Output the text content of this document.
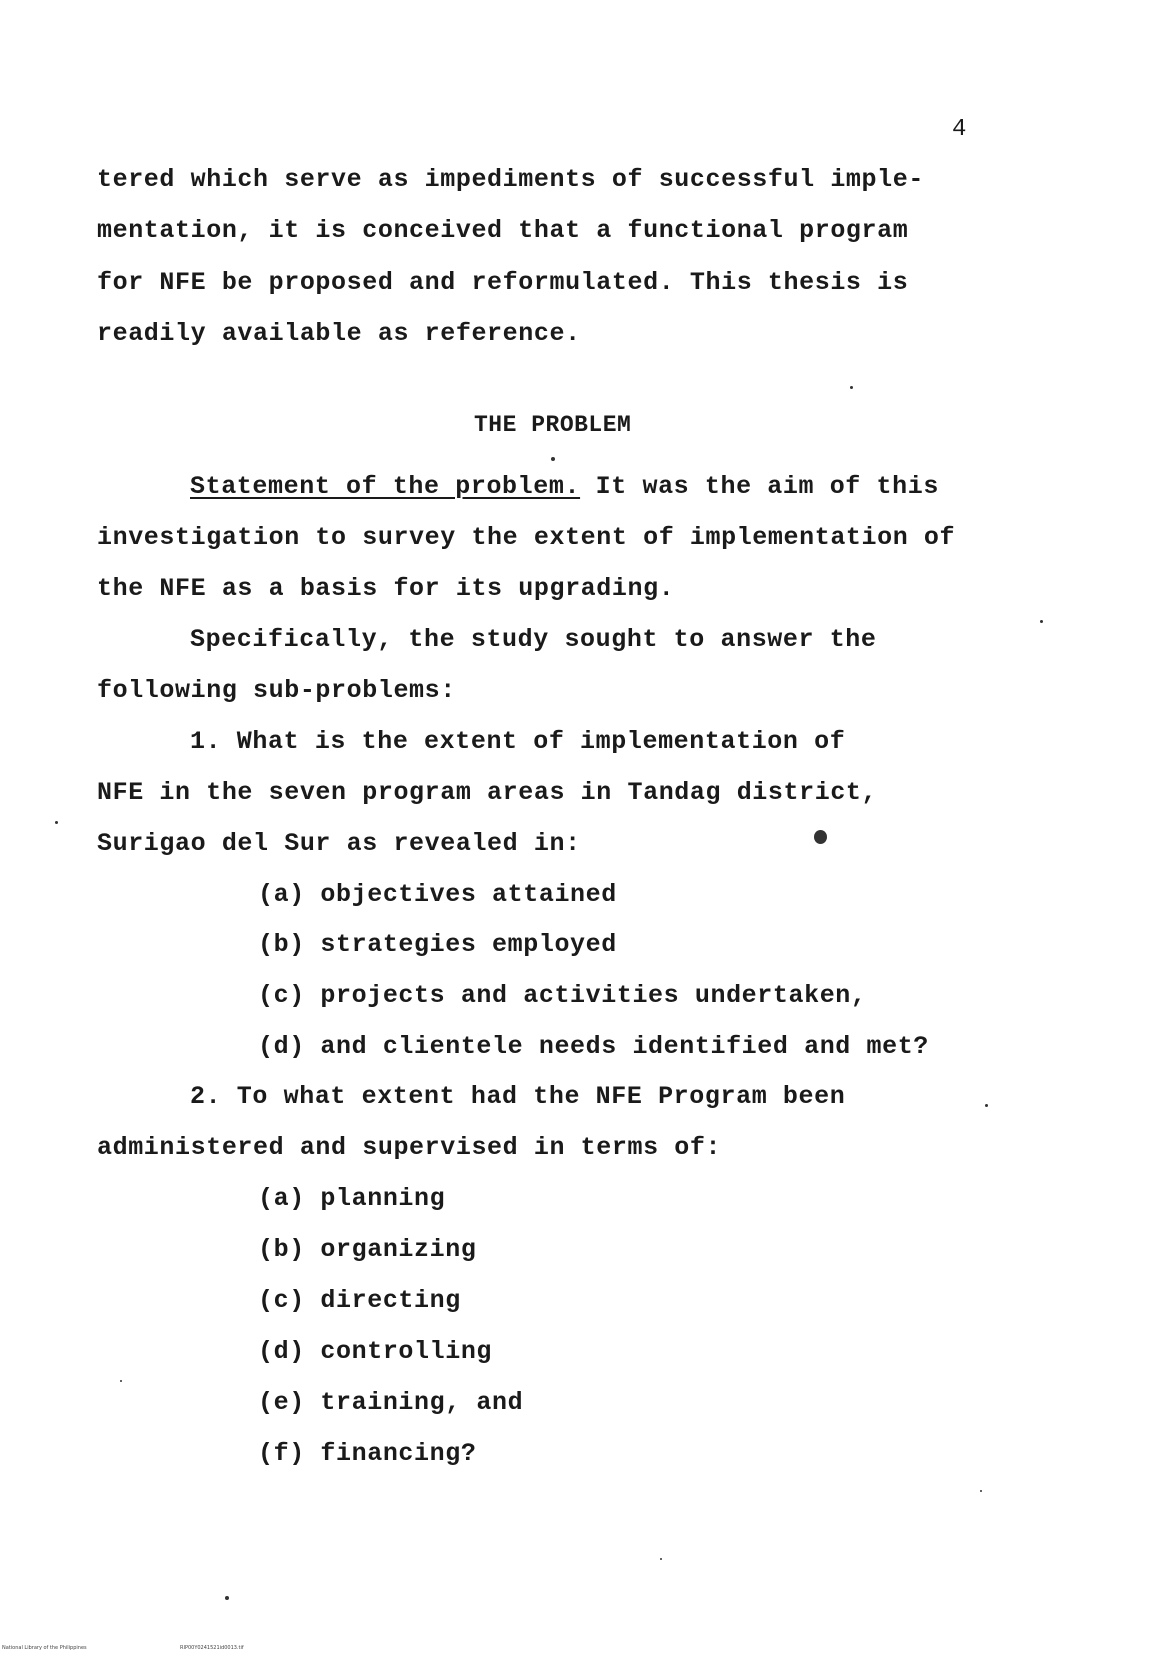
4
tered which serve as impediments of successful imple-
mentation, it is conceived that a functional program
for NFE be proposed and reformulated. This thesis is
readily available as reference.
THE PROBLEM
Statement of the problem. It was the aim of this
investigation to survey the extent of implementation of
the NFE as a basis for its upgrading.
Specifically, the study sought to answer the
following sub-problems:
1. What is the extent of implementation of
NFE in the seven program areas in Tandag district,
Surigao del Sur as revealed in:
(a) objectives attained
(b) strategies employed
(c) projects and activities undertaken,
(d) and clientele needs identified and met?
2. To what extent had the NFE Program been
administered and supervised in terms of:
(a) planning
(b) organizing
(c) directing
(d) controlling
(e) training, and
(f) financing?
National Library of the Philippines	RIP00Y0241521id0013.tif
